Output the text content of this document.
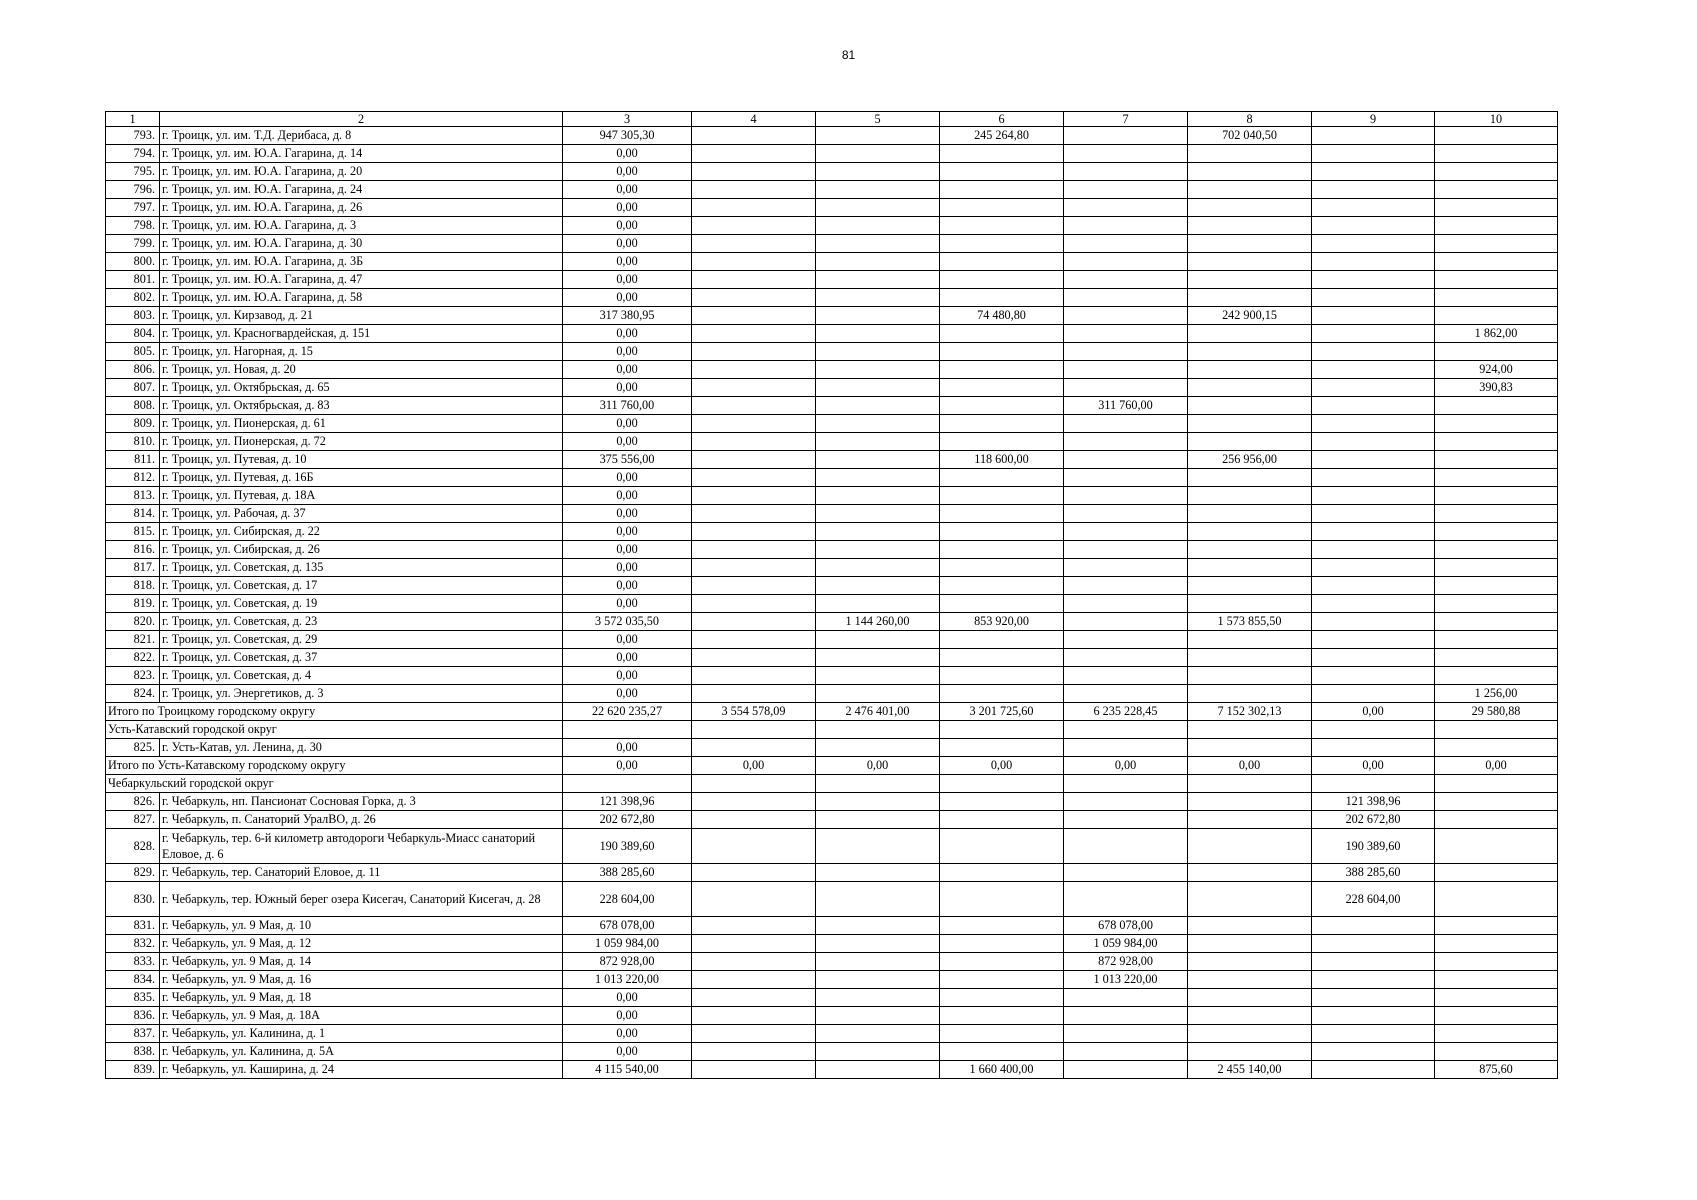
81
1	2	3	4	5	6	7	8	9	10
793.	г. Троицк, ул. им. Т.Д. Дерибаса, д. 8	947 305,30			245 264,80		702 040,50		
794.	г. Троицк, ул. им. Ю.А. Гагарина, д. 14	0,00							
795.	г. Троицк, ул. им. Ю.А. Гагарина, д. 20	0,00							
796.	г. Троицк, ул. им. Ю.А. Гагарина, д. 24	0,00							
797.	г. Троицк, ул. им. Ю.А. Гагарина, д. 26	0,00							
798.	г. Троицк, ул. им. Ю.А. Гагарина, д. 3	0,00							
799.	г. Троицк, ул. им. Ю.А. Гагарина, д. 30	0,00							
800.	г. Троицк, ул. им. Ю.А. Гагарина, д. 3Б	0,00							
801.	г. Троицк, ул. им. Ю.А. Гагарина, д. 47	0,00							
802.	г. Троицк, ул. им. Ю.А. Гагарина, д. 58	0,00							
803.	г. Троицк, ул. Кирзавод, д. 21	317 380,95			74 480,80		242 900,15		
804.	г. Троицк, ул. Красногвардейская, д. 151	0,00							1 862,00
805.	г. Троицк, ул. Нагорная, д. 15	0,00							
806.	г. Троицк, ул. Новая, д. 20	0,00							924,00
807.	г. Троицк, ул. Октябрьская, д. 65	0,00							390,83
808.	г. Троицк, ул. Октябрьская, д. 83	311 760,00				311 760,00			
809.	г. Троицк, ул. Пионерская, д. 61	0,00							
810.	г. Троицк, ул. Пионерская, д. 72	0,00							
811.	г. Троицк, ул. Путевая, д. 10	375 556,00			118 600,00		256 956,00		
812.	г. Троицк, ул. Путевая, д. 16Б	0,00							
813.	г. Троицк, ул. Путевая, д. 18А	0,00							
814.	г. Троицк, ул. Рабочая, д. 37	0,00							
815.	г. Троицк, ул. Сибирская, д. 22	0,00							
816.	г. Троицк, ул. Сибирская, д. 26	0,00							
817.	г. Троицк, ул. Советская, д. 135	0,00							
818.	г. Троицк, ул. Советская, д. 17	0,00							
819.	г. Троицк, ул. Советская, д. 19	0,00							
820.	г. Троицк, ул. Советская, д. 23	3 572 035,50		1 144 260,00	853 920,00		1 573 855,50		
821.	г. Троицк, ул. Советская, д. 29	0,00							
822.	г. Троицк, ул. Советская, д. 37	0,00							
823.	г. Троицк, ул. Советская, д. 4	0,00							
824.	г. Троицк, ул. Энергетиков, д. 3	0,00							1 256,00
Итого по Троицкому городскому округу		22 620 235,27	3 554 578,09	2 476 401,00	3 201 725,60	6 235 228,45	7 152 302,13	0,00	29 580,88
Усть-Катавский городской округ									
825.	г. Усть-Катав, ул. Ленина, д. 30	0,00							
Итого по Усть-Катавскому городскому округу		0,00	0,00	0,00	0,00	0,00	0,00	0,00	0,00
Чебаркульский городской округ									
826.	г. Чебаркуль, нп. Пансионат Сосновая Горка, д. 3	121 398,96						121 398,96	
827.	г. Чебаркуль, п. Санаторий УралВО, д. 26	202 672,80						202 672,80	
828.	г. Чебаркуль, тер. 6-й километр автодороги Чебаркуль-Миасс санаторий Еловое, д. 6	190 389,60						190 389,60	
829.	г. Чебаркуль, тер. Санаторий Еловое, д. 11	388 285,60						388 285,60	
830.	г. Чебаркуль, тер. Южный берег озера Кисегач, Санаторий Кисегач, д. 28	228 604,00						228 604,00	
831.	г. Чебаркуль, ул. 9 Мая, д. 10	678 078,00				678 078,00			
832.	г. Чебаркуль, ул. 9 Мая, д. 12	1 059 984,00				1 059 984,00			
833.	г. Чебаркуль, ул. 9 Мая, д. 14	872 928,00				872 928,00			
834.	г. Чебаркуль, ул. 9 Мая, д. 16	1 013 220,00				1 013 220,00			
835.	г. Чебаркуль, ул. 9 Мая, д. 18	0,00							
836.	г. Чебаркуль, ул. 9 Мая, д. 18А	0,00							
837.	г. Чебаркуль, ул. Калинина, д. 1	0,00							
838.	г. Чебаркуль, ул. Калинина, д. 5А	0,00							
839.	г. Чебаркуль, ул. Каширина, д. 24	4 115 540,00			1 660 400,00		2 455 140,00		875,60
